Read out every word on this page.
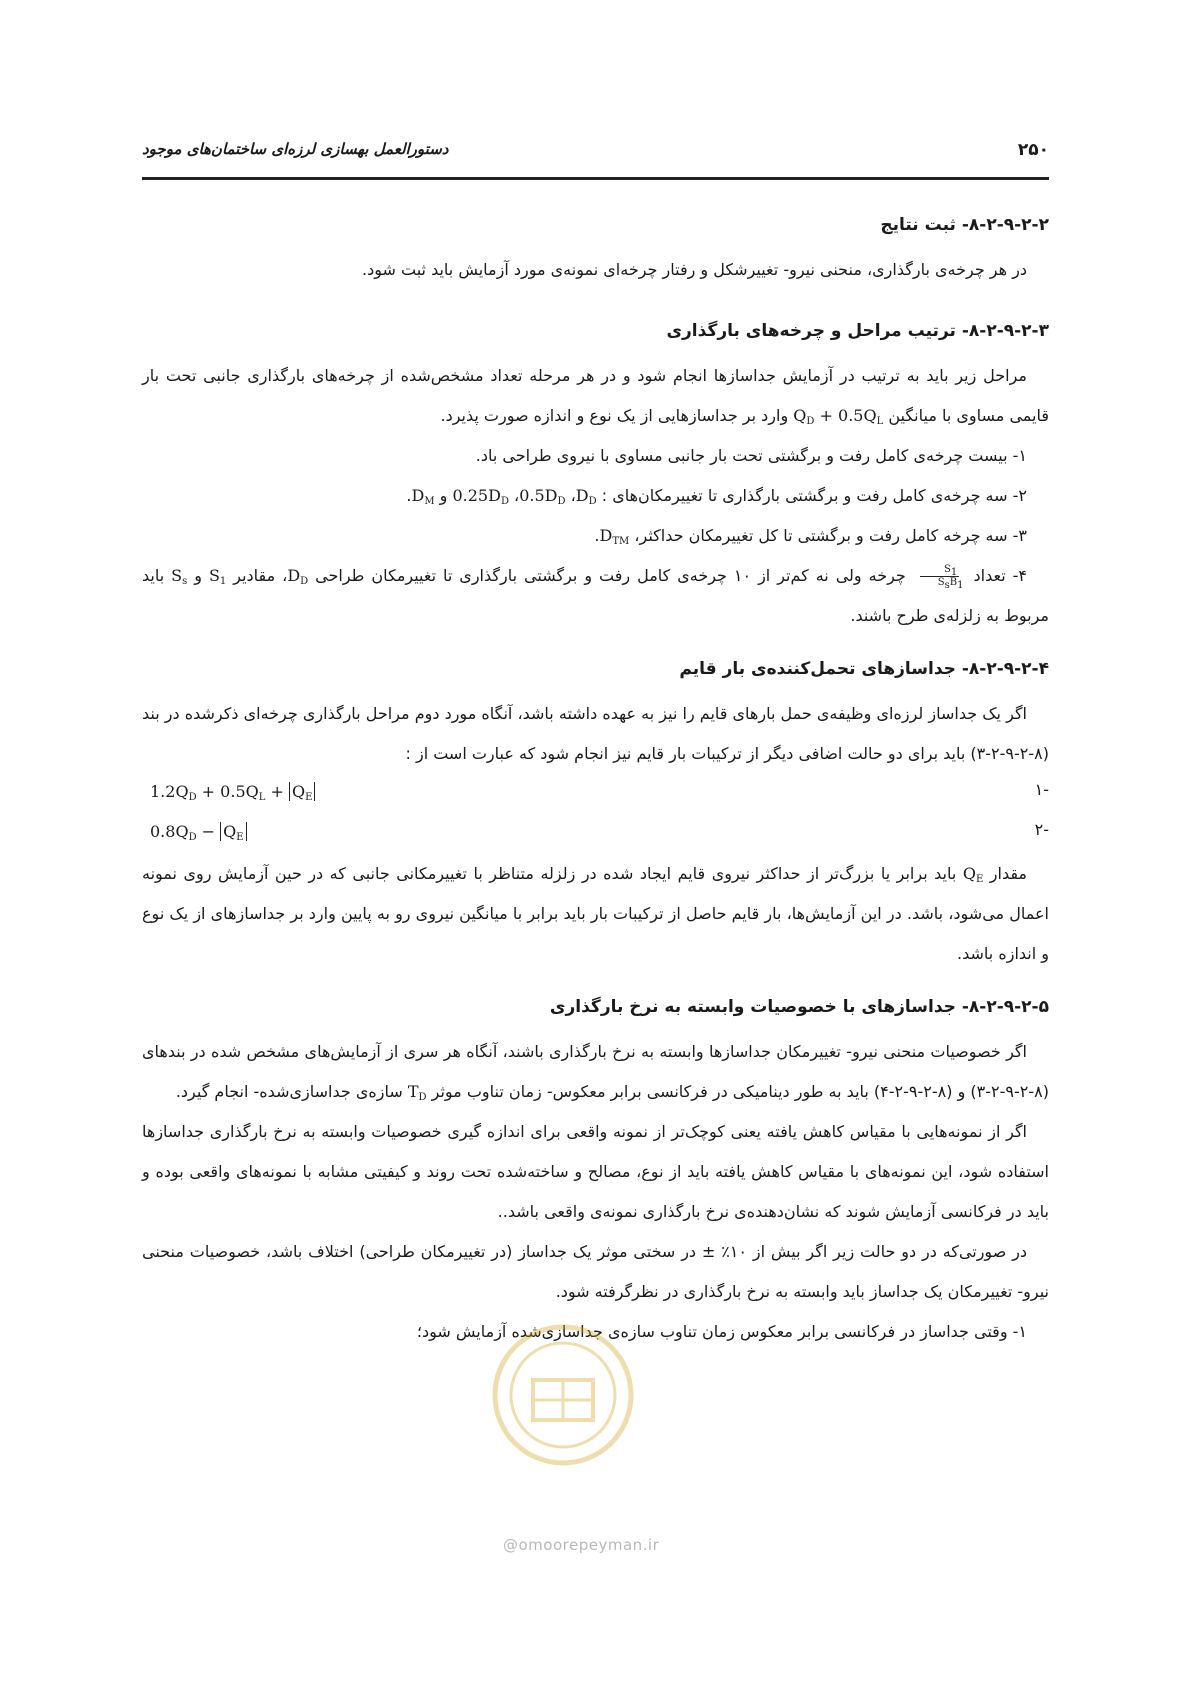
۲۵۰
دستورالعمل بهسازی لرزه‌ای ساختمان‌های موجود
۸-۲-۹-۲-۲- ثبت نتایج

در هر چرخه‌ی بارگذاری، منحنی نیرو- تغییرشکل و رفتار چرخه‌ای نمونه‌ی مورد آزمایش باید ثبت شود.

۸-۲-۹-۲-۳- ترتیب مراحل و چرخه‌های بارگذاری

مراحل زیر باید به ترتیب در آزمایش جداسازها انجام شود و در هر مرحله تعداد مشخص‌شده از چرخه‌های بارگذاری جانبی تحت بار قایمی مساوی با میانگین $Q_D + 0.5Q_L$ وارد بر جداسازهایی از یک نوع و اندازه صورت پذیرد.

۱- بیست چرخه‌ی کامل رفت و برگشتی تحت بار جانبی مساوی با نیروی طراحی باد.
۲- سه چرخه‌ی کامل رفت و برگشتی بارگذاری تا تغییرمکان‌های : $D_D،$ $0.5D_D،$ $0.25D_D$ و $D_M$.
۳- سه چرخه کامل رفت و برگشتی تا کل تغییرمکان حداکثر، $D_{TM}$.

۴- تعداد
$\frac{S_1}{S_sB_1}$
چرخه ولی نه کم‌تر از ۱۰ چرخه‌ی کامل رفت و برگشتی بارگذاری تا تغییرمکان طراحی $D_D،$ مقادیر $S_1$ و $S_s$ باید مربوط به زلزله‌ی طرح باشند.

۸-۲-۹-۲-۴- جداسازهای تحمل‌کننده‌ی بار قایم

اگر یک جداساز لرزه‌ای وظیفه‌ی حمل بارهای قایم را نیز به عهده داشته باشد، آنگاه مورد دوم مراحل بارگذاری چرخه‌ای ذکرشده در بند (۸-۲-۹-۲-۳) باید برای دو حالت اضافی دیگر از ترکیبات بار قایم نیز انجام شود که عبارت است از :

$1.2Q_D + 0.5Q_L + Q_E$	-۱
$0.8Q_D - Q_E$	-۲

مقدار $Q_E$ باید برابر یا بزرگ‌تر از حداکثر نیروی قایم ایجاد شده در زلزله متناظر با تغییرمکانی جانبی که در حین آزمایش روی نمونه اعمال می‌شود، باشد. در این آزمایش‌ها، بار قایم حاصل از ترکیبات بار باید برابر با میانگین نیروی رو به پایین وارد بر جداسازهای از یک نوع و اندازه باشد.

۸-۲-۹-۲-۵- جداسازهای با خصوصیات وابسته به نرخ بارگذاری

اگر خصوصیات منحنی نیرو- تغییرمکان جداسازها وابسته به نرخ بارگذاری باشند، آنگاه هر سری از آزمایش‌های مشخص شده در بندهای (۸-۲-۹-۲-۳) و (۸-۲-۹-۲-۴) باید به طور دینامیکی در فرکانسی برابر معکوس- زمان تناوب موثر $T_D$ سازه‌ی جداسازی‌شده- انجام گیرد.

اگر از نمونه‌هایی با مقیاس کاهش یافته یعنی کوچک‌تر از نمونه واقعی برای اندازه گیری خصوصیات وابسته به نرخ بارگذاری جداسازها استفاده شود، این نمونه‌های با مقیاس کاهش یافته باید از نوع، مصالح و ساخته‌شده تحت روند و کیفیتی مشابه با نمونه‌های واقعی بوده و باید در فرکانسی آزمایش شوند که نشان‌دهنده‌ی نرخ بارگذاری نمونه‌ی واقعی باشد..

در صورتی‌که در دو حالت زیر اگر بیش از ۱۰٪ ± در سختی موثر یک جداساز (در تغییرمکان طراحی) اختلاف باشد، خصوصیات منحنی نیرو- تغییرمکان یک جداساز باید وابسته به نرخ بارگذاری در نظرگرفته شود.

۱- وقتی جداساز در فرکانسی برابر معکوس زمان تناوب سازه‌ی جداسازی‌شده آزمایش شود؛
@omoorepeyman.ir
